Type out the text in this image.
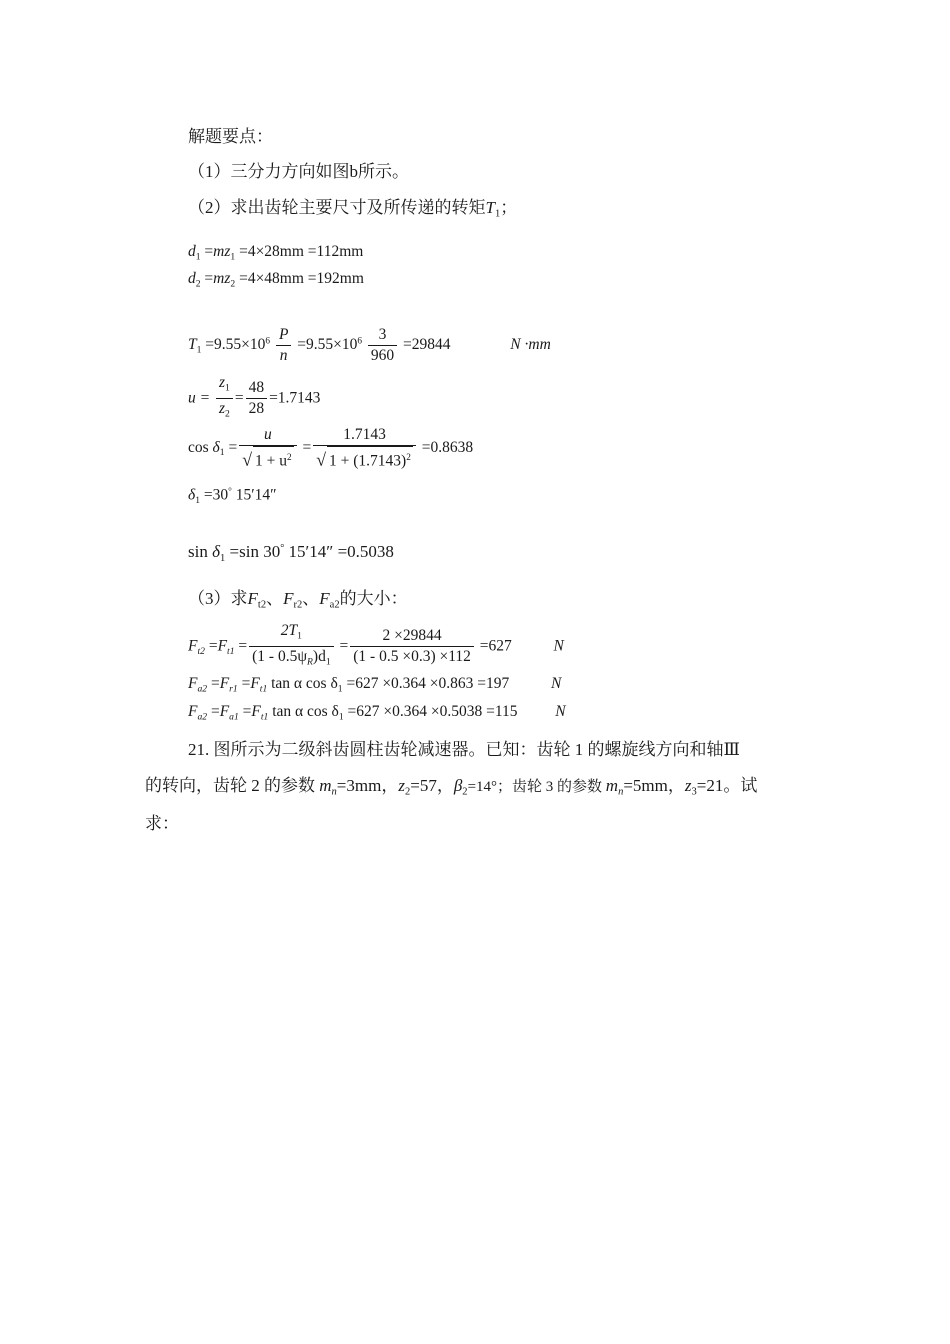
解题要点：
（1）三分力方向如图b所示。
（2）求出齿轮主要尺寸及所传递的转矩$T_1$；
$d_1 =mz_1 =4\times 28mm =112mm$
$d_2 =mz_2 =4\times 48mm =192mm$
$T_1 =9.55\times 10^6 \frac{P}{n} =9.55\times 10^6 \frac{3}{960} =29844$	N ·mm
$u = \frac{z_1}{z_2} = \frac{48}{28} =1.7143$
$\cos \delta_1 = \frac{u}{√ 1 + u^2} = \frac{1.7143}{√ 1 + (1.7143)^2} =0.8638$
$\delta_1 =30^\circ$ 15′14″
$\sin \delta_1 =\sin$ 30° 15′14″ =0.5038
（3）求$F_{t2}$、$F_{r2}$、$F_{a2}$的大小：
$F_{t2} =F_{t1} = \frac{2T_1}{(1 - 0.5\psi_R)d_1} = \frac{2 \times 29844}{(1 - 0.5 \times 0.3) \times 112} =627$	N
$F_{a2} =F_{r1} =F_{t1}$ tan α $\cos \delta_1 =627 \times 0.364 \times 0.863 =197$	N
$F_{a2} =F_{a1} =F_{t1}$ tan α $\cos \delta_1 =627 \times 0.364 \times 0.5038 =115$ N
21. 图所示为二级斜齿圆柱齿轮减速器。已知：齿轮 1 的螺旋线方向和轴Ⅲ
的转向，齿轮 2 的参数 $m_n=3mm$，$z_2=57$，$\beta_2=14^\circ$；齿轮 3 的参数 $m_n=5mm$，$z_3=21$。试
求：
